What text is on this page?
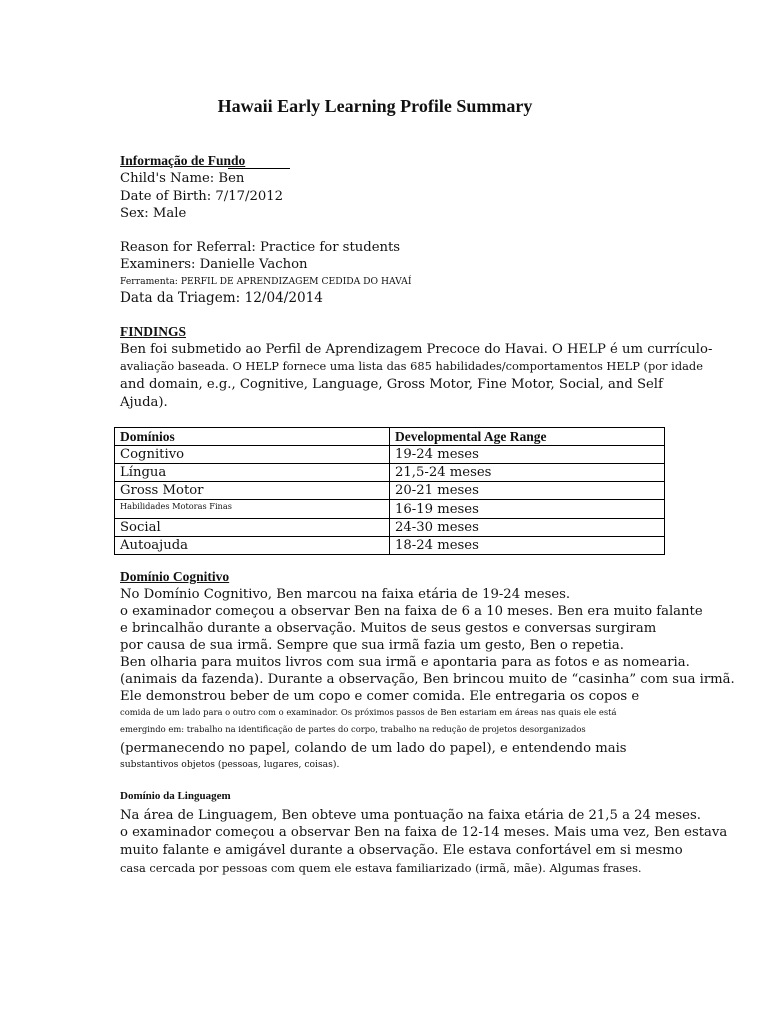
Hawaii Early Learning Profile Summary
Informação de Fundo
Child's Name: Ben
Date of Birth: 7/17/2012
Sex: Male
Reason for Referral: Practice for students
Examiners: Danielle Vachon
Ferramenta: PERFIL DE APRENDIZAGEM CEDIDA DO HAVAÍ
Data da Triagem: 12/04/2014
FINDINGS
Ben foi submetido ao Perfil de Aprendizagem Precoce do Havai. O HELP é um currículo-
avaliação baseada. O HELP fornece uma lista das 685 habilidades/comportamentos HELP (por idade
and domain, e.g., Cognitive, Language, Gross Motor, Fine Motor, Social, and Self
Ajuda).
Domínios	Developmental Age Range
Cognitivo	19-24 meses
Língua	21,5-24 meses
Gross Motor	20-21 meses
Habilidades Motoras Finas	16-19 meses
Social	24-30 meses
Autoajuda	18-24 meses
Domínio Cognitivo
No Domínio Cognitivo, Ben marcou na faixa etária de 19-24 meses.
o examinador começou a observar Ben na faixa de 6 a 10 meses. Ben era muito falante
e brincalhão durante a observação. Muitos de seus gestos e conversas surgiram
por causa de sua irmã. Sempre que sua irmã fazia um gesto, Ben o repetia.
Ben olharia para muitos livros com sua irmã e apontaria para as fotos e as nomearia.
(animais da fazenda). Durante a observação, Ben brincou muito de “casinha” com sua irmã.
Ele demonstrou beber de um copo e comer comida. Ele entregaria os copos e
comida de um lado para o outro com o examinador. Os próximos passos de Ben estariam em áreas nas quais ele está
emergindo em: trabalho na identificação de partes do corpo, trabalho na redução de projetos desorganizados
(permanecendo no papel, colando de um lado do papel), e entendendo mais
substantivos objetos (pessoas, lugares, coisas).
Domínio da Linguagem
Na área de Linguagem, Ben obteve uma pontuação na faixa etária de 21,5 a 24 meses.
o examinador começou a observar Ben na faixa de 12-14 meses. Mais uma vez, Ben estava
muito falante e amigável durante a observação. Ele estava confortável em si mesmo
casa cercada por pessoas com quem ele estava familiarizado (irmã, mãe). Algumas frases.
